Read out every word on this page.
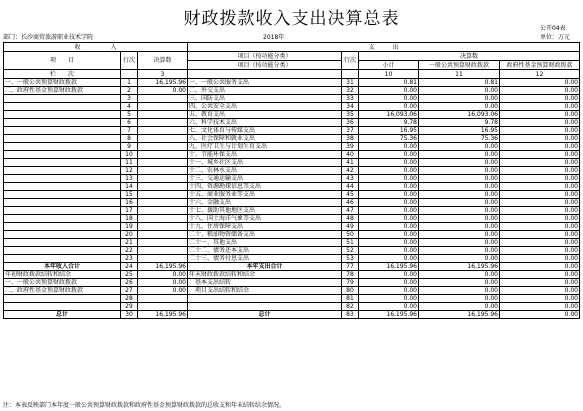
财政拨款收入支出决算总表	公开04表
部门：长沙商贸旅游职业技术学院	2018年	单位：万元
收　　　　　入			支　　　出				
项　　目	行次	决算数	项目（按功能分类）	行次	决算数		
			项目（按功能分类）		小计	一般公共预算财政拨款	政府性基金预算财政拨款

栏　　次		3			10	11	12
一、一般公共预算财政拨款	1	16,195.96	一、一般公共服务支出	31	0.81	0.81	0.00
二、政府性基金预算财政拨款	2	0.00	二、外交支出	32	0.00	0.00	0.00
	3		三、国防支出	33	0.00	0.00	0.00
	4		四、公共安全支出	34	0.00	0.00	0.00
	5		五、教育支出	35	16,093.06	16,093.06	0.00
	6		六、科学技术支出	36	9.78	9.78	0.00
	7		七、文化体育与传媒支出	37	16.95	16.95	0.00
	8		八、社会保障和就业支出	38	75.36	75.36	0.00
	9		九、医疗卫生与计划生育支出	39	0.00	0.00	0.00
	10		十、节能环保支出	40	0.00	0.00	0.00
	11		十一、城乡社区支出	41	0.00	0.00	0.00
	12		十二、农林水支出	42	0.00	0.00	0.00
	13		十三、交通运输支出	43	0.00	0.00	0.00
	14		十四、资源勘探信息等支出	44	0.00	0.00	0.00
	15		十五、商业服务业等支出	45	0.00	0.00	0.00
	16		十六、金融支出	46	0.00	0.00	0.00
	17		十七、援助其他地区支出	47	0.00	0.00	0.00
	18		十八、国土海洋气象等支出	48	0.00	0.00	0.00
	19		十九、住房保障支出	49	0.00	0.00	0.00
	20		二十、粮油物资储备支出	50	0.00	0.00	0.00
	21		二十一、其他支出	51	0.00	0.00	0.00
	22		二十二、债务还本支出	52	0.00	0.00	0.00
	23		二十三、债务付息支出	53	0.00	0.00	0.00
本年收入合计	24	16,195.96	本年支出合计	77	16,195.96	16,195.96	0.00
年初财政拨款结转和结余	25	0.00	年末财政拨款结转和结余	78	0.00	0.00	0.00
一、一般公共预算财政拨款	26	0.00	　基本支出结转	79	0.00	0.00	0.00
二、政府性基金预算财政拨款	27	0.00	　项目支出结转和结余	80	0.00	0.00	0.00
	28			81	0.00	0.00	0.00
	29			82	0.00	0.00	0.00
总计	30	16,195.96	总计	83	16,195.96	16,195.96	0.00
注：本表反映部门本年度一般公共预算财政拨款和政府性基金预算财政拨款的总收支和年末结转结余情况。
